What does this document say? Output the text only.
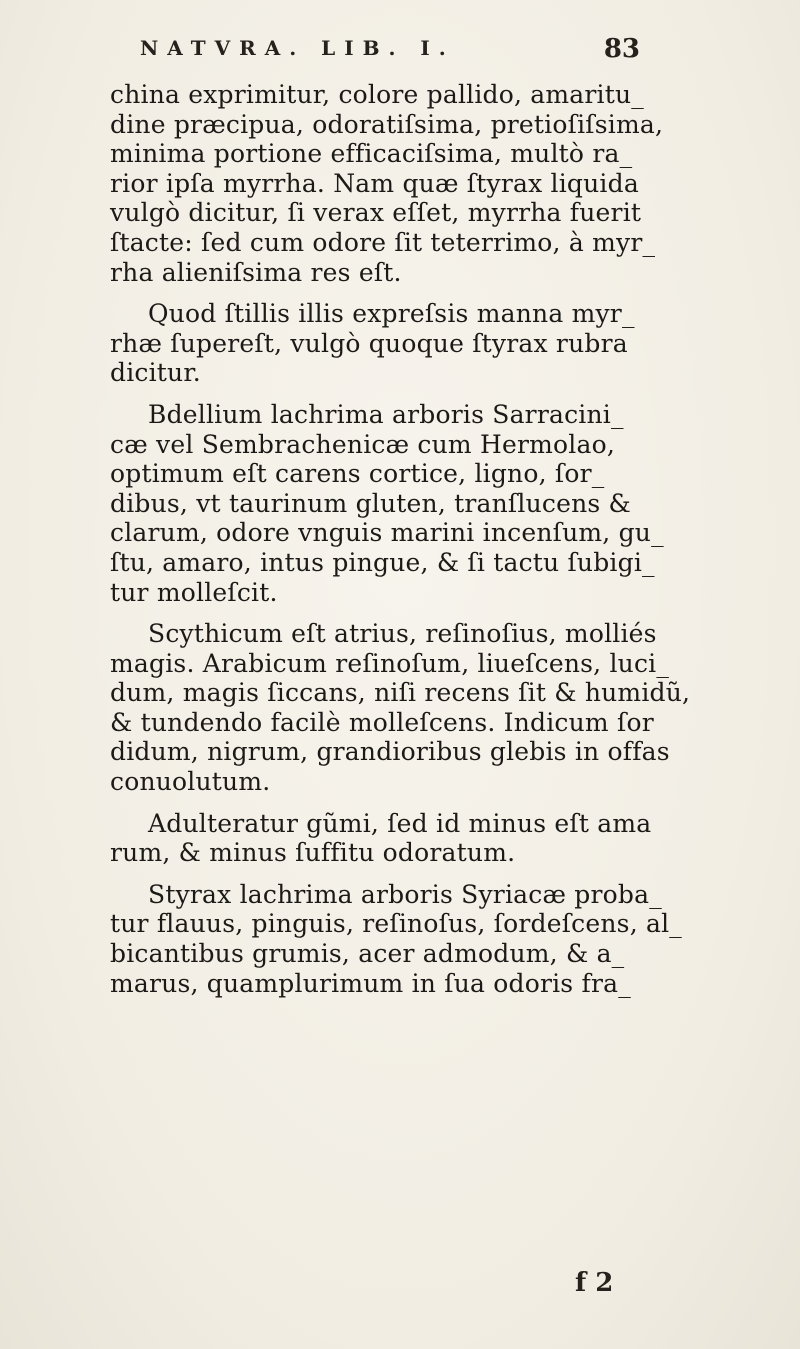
NATVRA. LIB. I.	83
china exprimitur, colore pallido, amaritu_
dine præcipua, odoratiſsima, pretioſiſsima,
minima portione efficaciſsima, multò ra_
rior ipſa myrrha. Nam quæ ſtyrax liquida
vulgò dicitur, ſi verax eſſet, myrrha fuerit
ſtacte: ſed cum odore ſit teterrimo, à myr_
rha alieniſsima res eſt.
Quod ſtillis illis expreſsis manna myr_
rhæ ſupereſt, vulgò quoque ſtyrax rubra
dicitur.
Bdellium lachrima arboris Sarracini_
cæ vel Sembrachenicæ cum Hermolao,
optimum eſt carens cortice, ligno, ſor_
dibus, vt taurinum gluten, tranſlucens &
clarum, odore vnguis marini incenſum, gu_
ſtu, amaro, intus pingue, & ſi tactu ſubigi_
tur molleſcit.
Scythicum eſt atrius, reſinoſius, molliés
magis. Arabicum reſinoſum, liueſcens, luci_
dum, magis ſiccans, niſi recens ſit & humidũ,
& tundendo facilè molleſcens. Indicum ſor
didum, nigrum, grandioribus glebis in offas
conuolutum.
Adulteratur gũmi, ſed id minus eſt ama
rum, & minus ſuffitu odoratum.
Styrax lachrima arboris Syriacæ proba_
tur flauus, pinguis, reſinoſus, ſordeſcens, al_
bicantibus grumis, acer admodum, & a_
marus, quamplurimum in ſua odoris fra_
f 2
